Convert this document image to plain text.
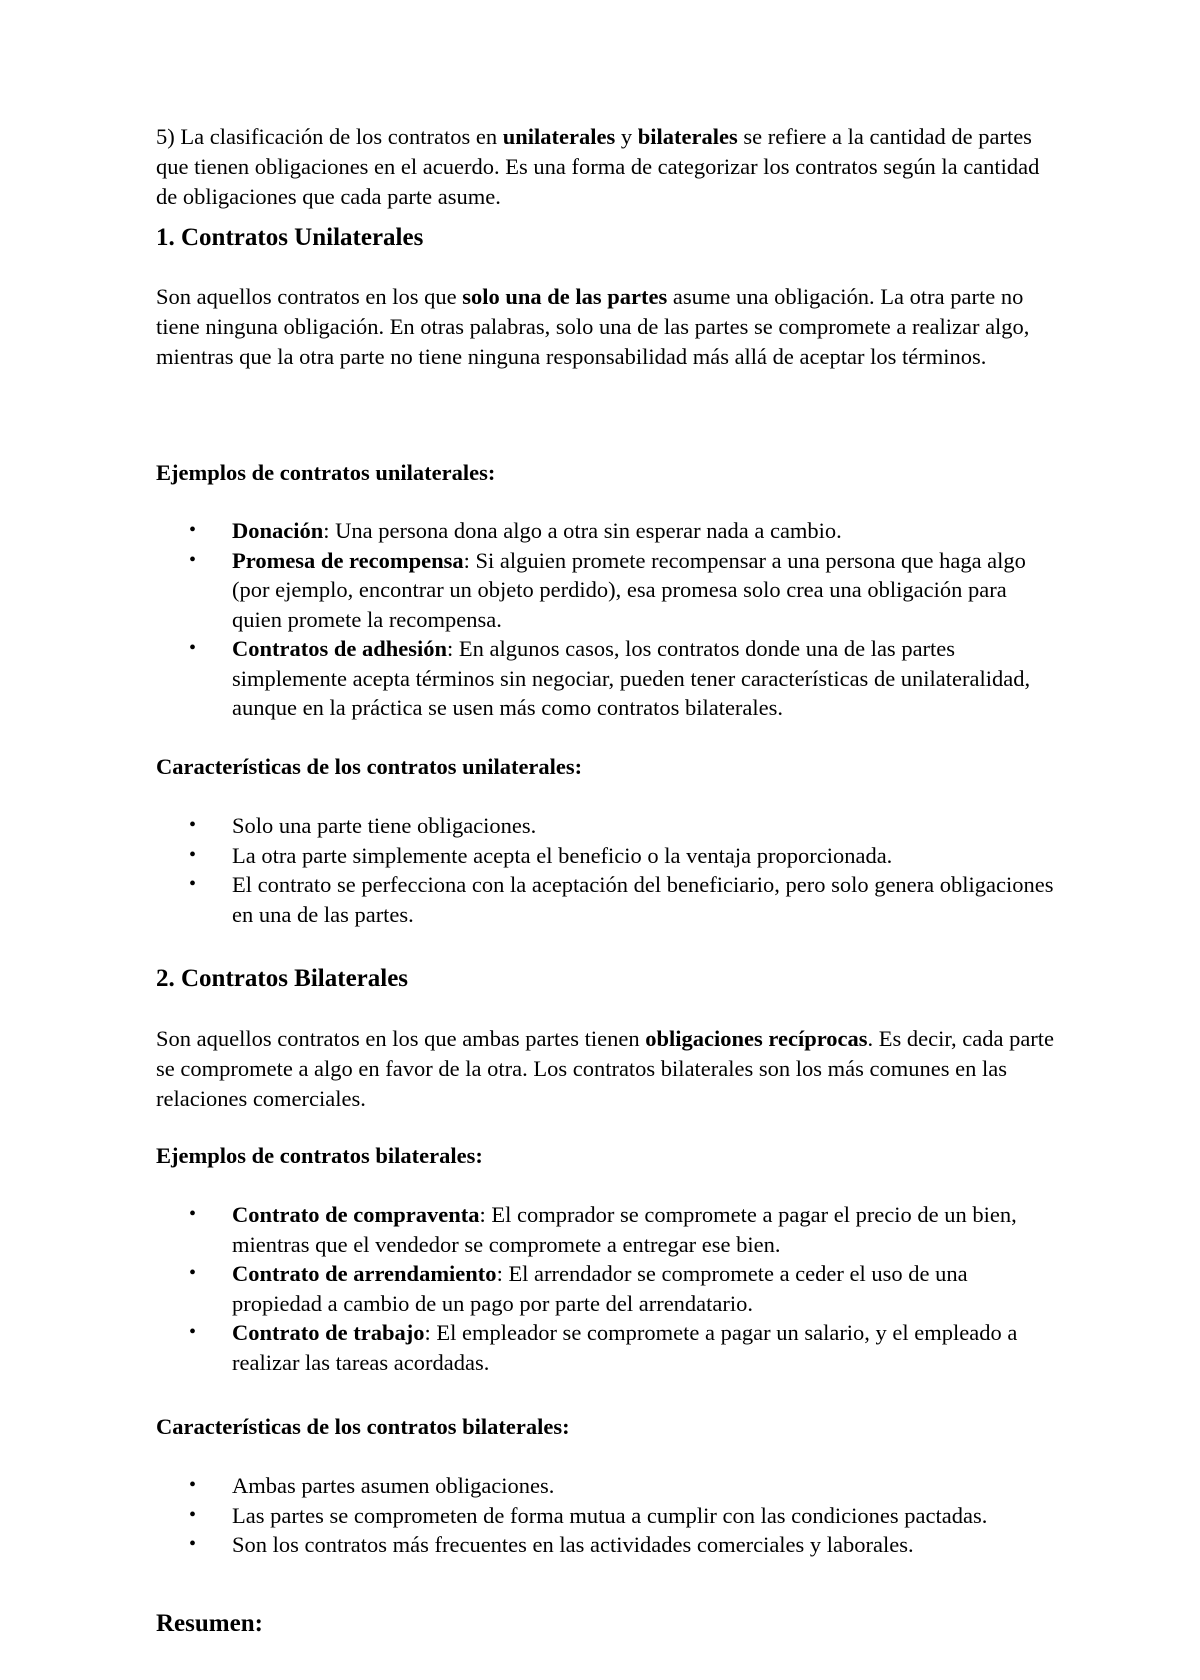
5) La clasificación de los contratos en unilaterales y bilaterales se refiere a la cantidad de partes que tienen obligaciones en el acuerdo. Es una forma de categorizar los contratos según la cantidad de obligaciones que cada parte asume.

1. Contratos Unilaterales

Son aquellos contratos en los que solo una de las partes asume una obligación. La otra parte no tiene ninguna obligación. En otras palabras, solo una de las partes se compromete a realizar algo, mientras que la otra parte no tiene ninguna responsabilidad más allá de aceptar los términos.

Ejemplos de contratos unilaterales:
• Donación: Una persona dona algo a otra sin esperar nada a cambio.
• Promesa de recompensa: Si alguien promete recompensar a una persona que haga algo (por ejemplo, encontrar un objeto perdido), esa promesa solo crea una obligación para quien promete la recompensa.
• Contratos de adhesión: En algunos casos, los contratos donde una de las partes simplemente acepta términos sin negociar, pueden tener características de unilateralidad, aunque en la práctica se usen más como contratos bilaterales.
Características de los contratos unilaterales:
• Solo una parte tiene obligaciones.
• La otra parte simplemente acepta el beneficio o la ventaja proporcionada.
• El contrato se perfecciona con la aceptación del beneficiario, pero solo genera obligaciones en una de las partes.
2. Contratos Bilaterales

Son aquellos contratos en los que ambas partes tienen obligaciones recíprocas. Es decir, cada parte se compromete a algo en favor de la otra. Los contratos bilaterales son los más comunes en las relaciones comerciales.

Ejemplos de contratos bilaterales:
• Contrato de compraventa: El comprador se compromete a pagar el precio de un bien, mientras que el vendedor se compromete a entregar ese bien.
• Contrato de arrendamiento: El arrendador se compromete a ceder el uso de una propiedad a cambio de un pago por parte del arrendatario.
• Contrato de trabajo: El empleador se compromete a pagar un salario, y el empleado a realizar las tareas acordadas.
Características de los contratos bilaterales:
• Ambas partes asumen obligaciones.
• Las partes se comprometen de forma mutua a cumplir con las condiciones pactadas.
• Son los contratos más frecuentes en las actividades comerciales y laborales.
Resumen:
